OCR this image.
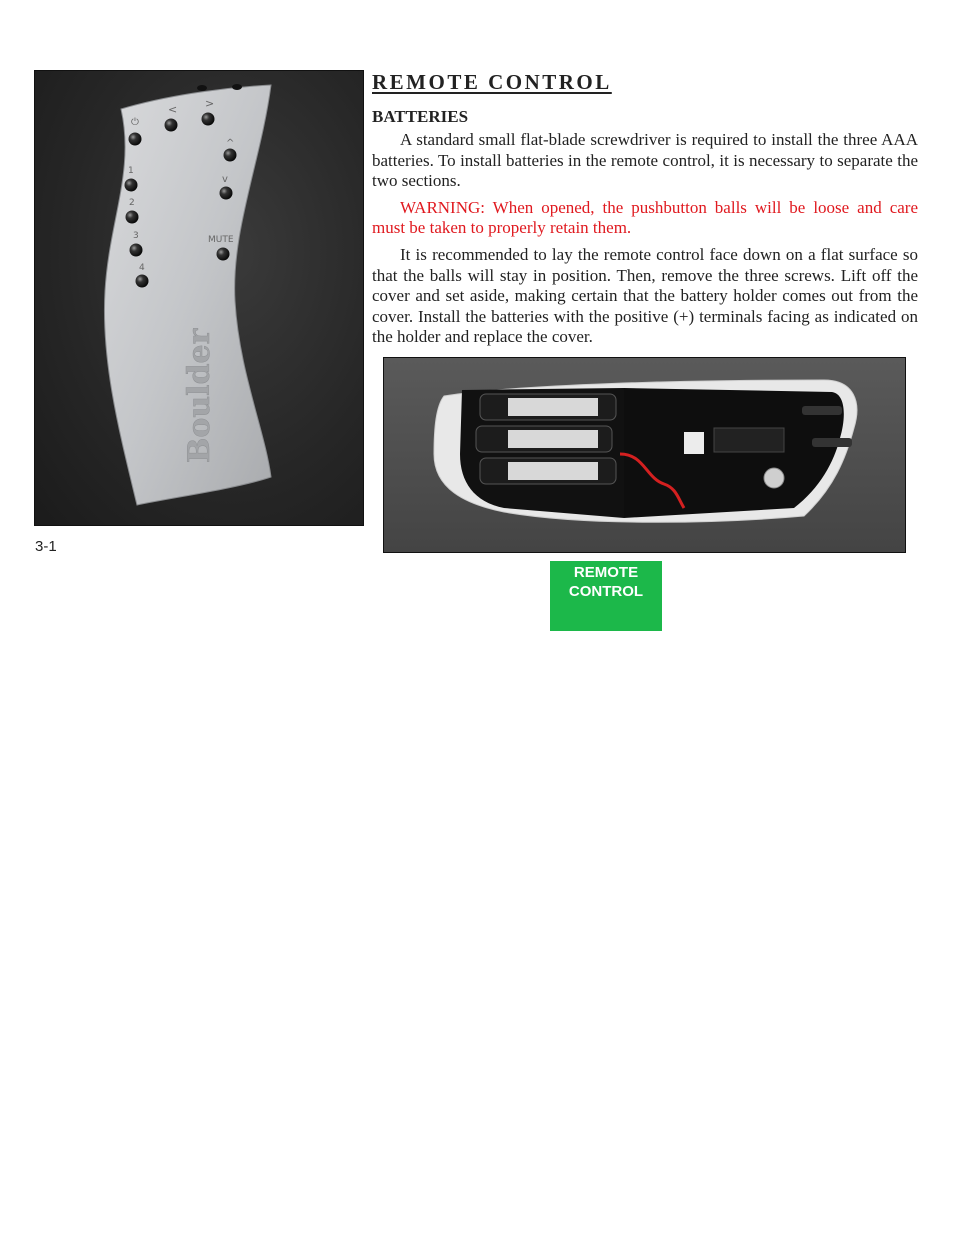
⏻
<	>
^
v
1
2
3
4
MUTE
Boulder
3-1
REMOTE CONTROL
BATTERIES

A standard small flat-blade screwdriver is required to install the three AAA batteries. To install batteries in the remote control, it is necessary to separate the two sections.

WARNING: When opened, the pushbutton balls will be loose and care must be taken to properly retain them.

It is recommended to lay the remote control face down on a flat surface so that the balls will stay in position. Then, remove the three screws. Lift off the cover and set aside, making certain that the battery holder comes out from the cover. Install the batteries with the positive (+) terminals facing as indicated on the holder and replace the cover.

REMOTE
CONTROL
